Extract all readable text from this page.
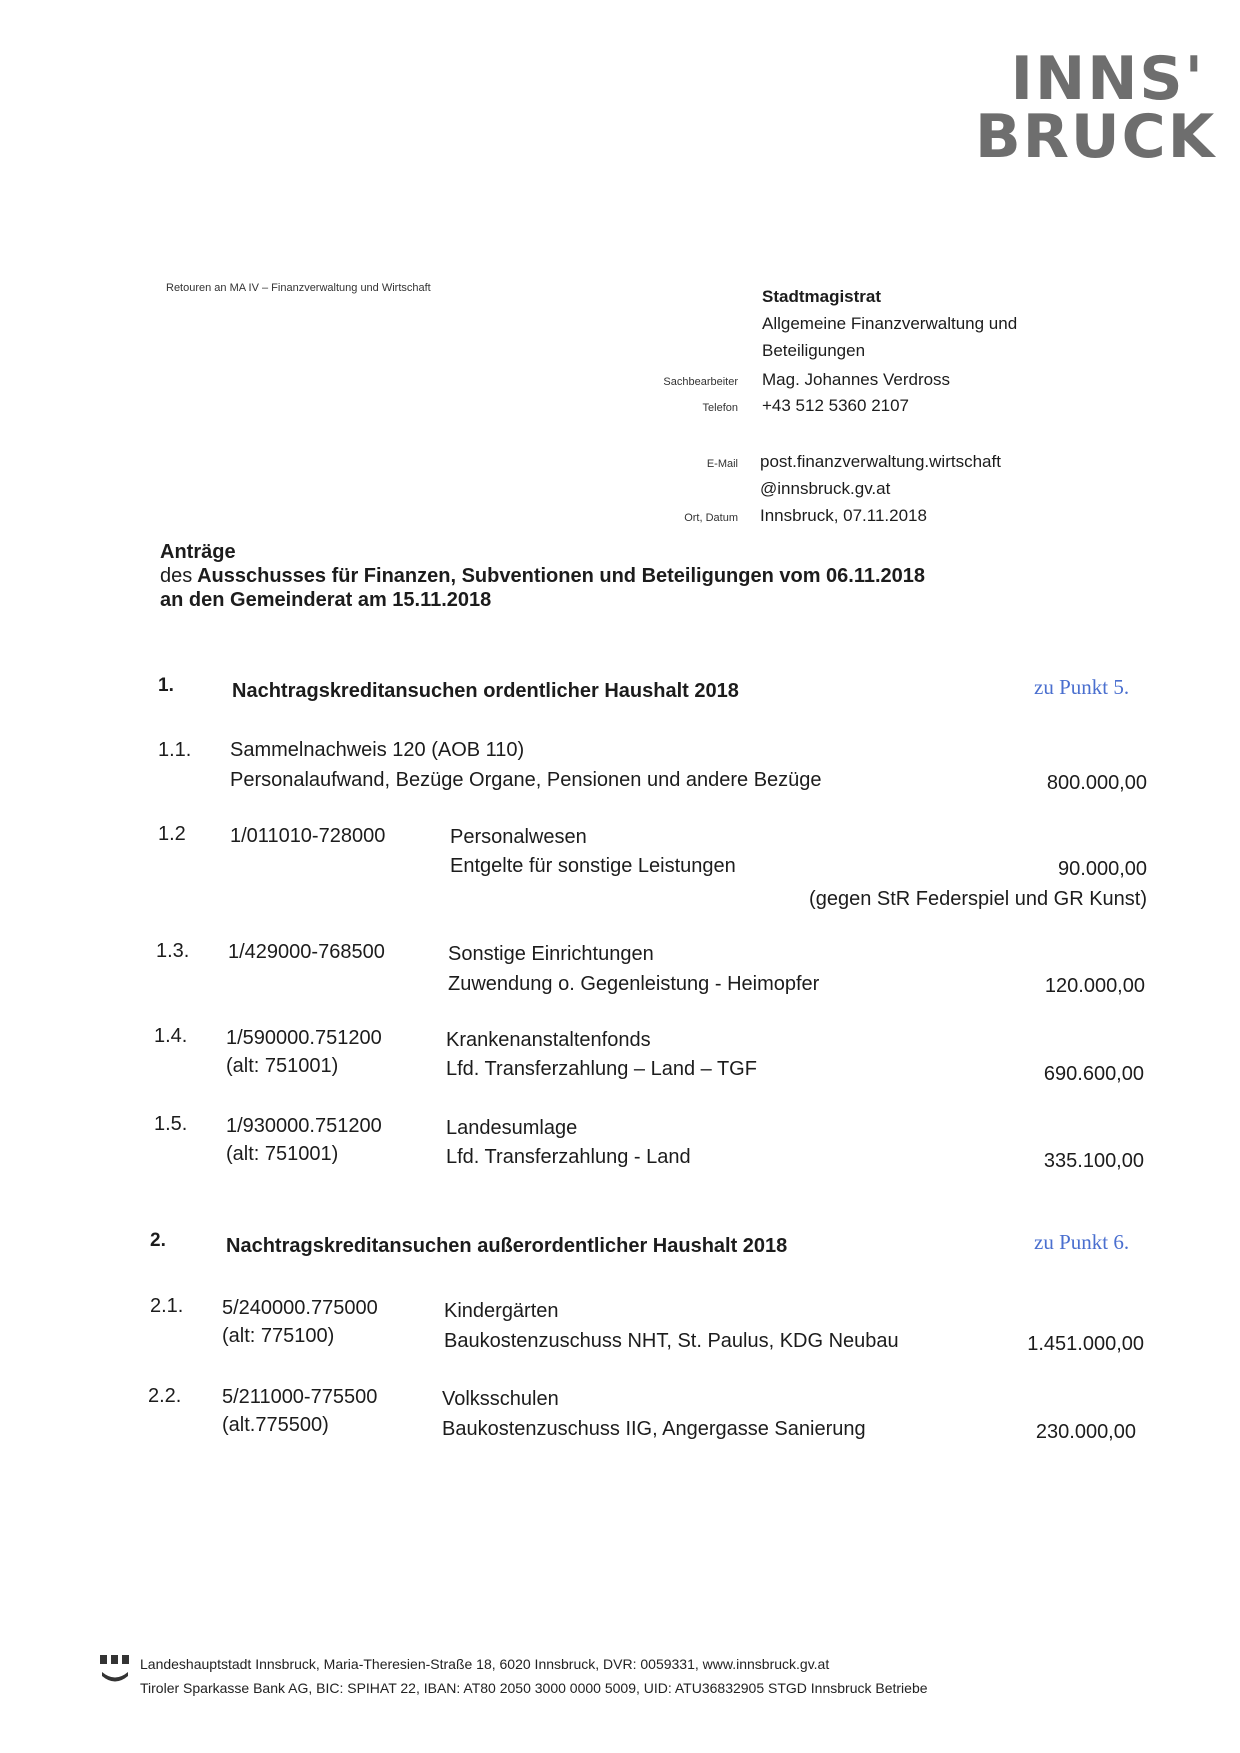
INNS'
BRUCK
Retouren an MA IV – Finanzverwaltung und Wirtschaft	Stadtmagistrat
Allgemeine Finanzverwaltung und
Beteiligungen
Sachbearbeiter Mag. Johannes Verdross
Telefon +43 512 5360 2107
E-Mail post.finanzverwaltung.wirtschaft
@innsbruck.gv.at
Ort, Datum Innsbruck, 07.11.2018
Anträge
des Ausschusses für Finanzen, Subventionen und Beteiligungen vom 06.11.2018
an den Gemeinderat am 15.11.2018
1.	Nachtragskreditansuchen ordentlicher Haushalt 2018	zu Punkt 5.
1.1. Sammelnachweis 120 (AOB 110)
Personalaufwand, Bezüge Organe, Pensionen und andere Bezüge	800.000,00
1.2 1/011010-728000	Personalwesen
Entgelte für sonstige Leistungen	90.000,00
(gegen StR Federspiel und GR Kunst)
1.3. 1/429000-768500	Sonstige Einrichtungen
Zuwendung o. Gegenleistung - Heimopfer	120.000,00
1.4. 1/590000.751200
(alt: 751001)
Krankenanstaltenfonds
Lfd. Transferzahlung – Land – TGF	690.600,00
1.5. 1/930000.751200
(alt: 751001)
Landesumlage
Lfd. Transferzahlung - Land	335.100,00
2.	Nachtragskreditansuchen außerordentlicher Haushalt 2018	zu Punkt 6.
2.1. 5/240000.775000
(alt: 775100)
Kindergärten
Baukostenzuschuss NHT, St. Paulus, KDG Neubau	1.451.000,00
2.2. 5/211000-775500
(alt.775500)
Volksschulen
Baukostenzuschuss IIG, Angergasse Sanierung	230.000,00
Landeshauptstadt Innsbruck, Maria-Theresien-Straße 18, 6020 Innsbruck, DVR: 0059331, www.innsbruck.gv.at
Tiroler Sparkasse Bank AG, BIC: SPIHAT 22, IBAN: AT80 2050 3000 0000 5009, UID: ATU36832905 STGD Innsbruck Betriebe
